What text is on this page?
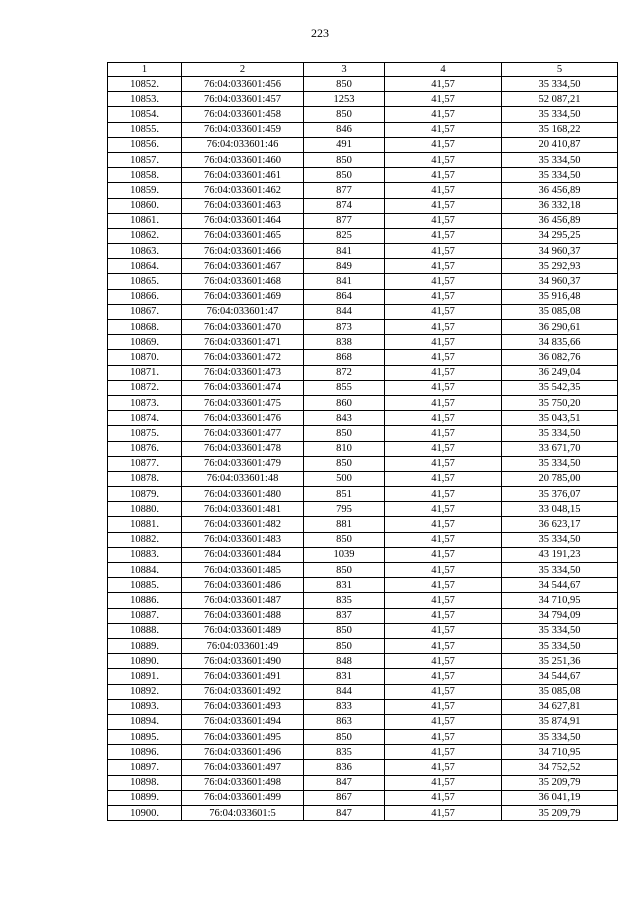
223
1	2	3	4	5
10852.	76:04:033601:456	850	41,57	35 334,50
10853.	76:04:033601:457	1253	41,57	52 087,21
10854.	76:04:033601:458	850	41,57	35 334,50
10855.	76:04:033601:459	846	41,57	35 168,22
10856.	76:04:033601:46	491	41,57	20 410,87
10857.	76:04:033601:460	850	41,57	35 334,50
10858.	76:04:033601:461	850	41,57	35 334,50
10859.	76:04:033601:462	877	41,57	36 456,89
10860.	76:04:033601:463	874	41,57	36 332,18
10861.	76:04:033601:464	877	41,57	36 456,89
10862.	76:04:033601:465	825	41,57	34 295,25
10863.	76:04:033601:466	841	41,57	34 960,37
10864.	76:04:033601:467	849	41,57	35 292,93
10865.	76:04:033601:468	841	41,57	34 960,37
10866.	76:04:033601:469	864	41,57	35 916,48
10867.	76:04:033601:47	844	41,57	35 085,08
10868.	76:04:033601:470	873	41,57	36 290,61
10869.	76:04:033601:471	838	41,57	34 835,66
10870.	76:04:033601:472	868	41,57	36 082,76
10871.	76:04:033601:473	872	41,57	36 249,04
10872.	76:04:033601:474	855	41,57	35 542,35
10873.	76:04:033601:475	860	41,57	35 750,20
10874.	76:04:033601:476	843	41,57	35 043,51
10875.	76:04:033601:477	850	41,57	35 334,50
10876.	76:04:033601:478	810	41,57	33 671,70
10877.	76:04:033601:479	850	41,57	35 334,50
10878.	76:04:033601:48	500	41,57	20 785,00
10879.	76:04:033601:480	851	41,57	35 376,07
10880.	76:04:033601:481	795	41,57	33 048,15
10881.	76:04:033601:482	881	41,57	36 623,17
10882.	76:04:033601:483	850	41,57	35 334,50
10883.	76:04:033601:484	1039	41,57	43 191,23
10884.	76:04:033601:485	850	41,57	35 334,50
10885.	76:04:033601:486	831	41,57	34 544,67
10886.	76:04:033601:487	835	41,57	34 710,95
10887.	76:04:033601:488	837	41,57	34 794,09
10888.	76:04:033601:489	850	41,57	35 334,50
10889.	76:04:033601:49	850	41,57	35 334,50
10890.	76:04:033601:490	848	41,57	35 251,36
10891.	76:04:033601:491	831	41,57	34 544,67
10892.	76:04:033601:492	844	41,57	35 085,08
10893.	76:04:033601:493	833	41,57	34 627,81
10894.	76:04:033601:494	863	41,57	35 874,91
10895.	76:04:033601:495	850	41,57	35 334,50
10896.	76:04:033601:496	835	41,57	34 710,95
10897.	76:04:033601:497	836	41,57	34 752,52
10898.	76:04:033601:498	847	41,57	35 209,79
10899.	76:04:033601:499	867	41,57	36 041,19
10900.	76:04:033601:5	847	41,57	35 209,79
